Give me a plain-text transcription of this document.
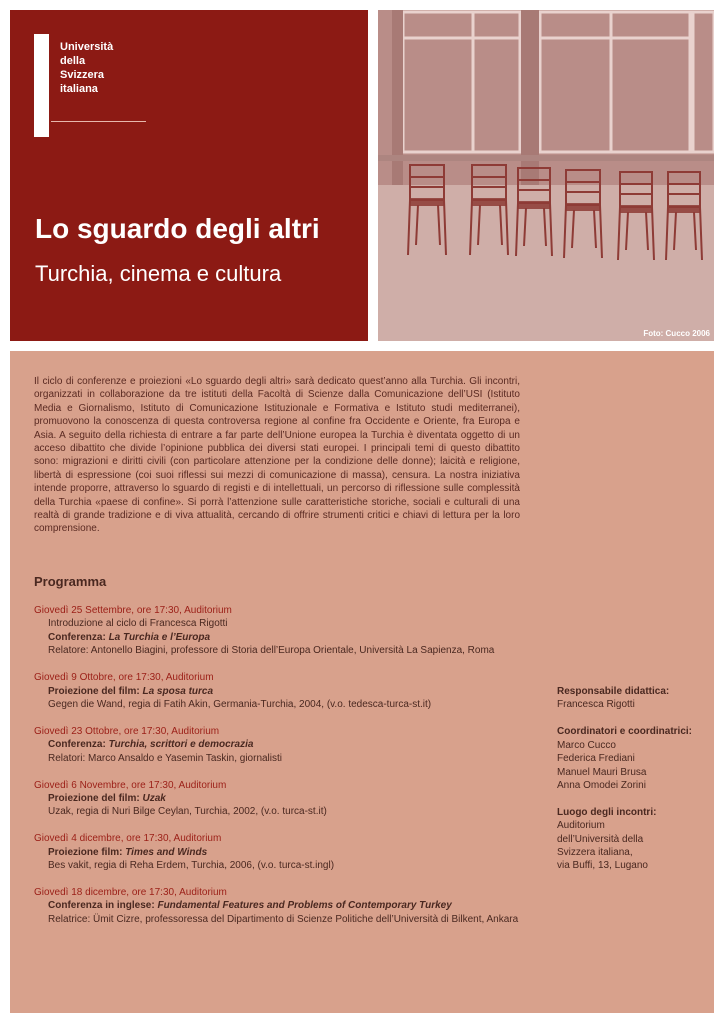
Università
della
Svizzera
italiana
Lo sguardo degli altri
Turchia, cinema e cultura
Foto: Cucco 2006

Il ciclo di conferenze e proiezioni «Lo sguardo degli altri» sarà dedicato quest’anno alla Turchia. Gli incontri, organizzati in collaborazione da tre istituti della Facoltà di Scienze dalla Comunicazione dell’USI (Istituto Media e Giornalismo, Istituto di Comunicazione Istituzionale e Formativa e Istituto studi mediterranei), promuovono la conoscenza di questa controversa regione al confine fra Occidente e Oriente, fra Europa e Asia. A seguito della richiesta di entrare a far parte dell’Unione europea la Turchia è diventata oggetto di un acceso dibattito che divide l’opinione pubblica dei diversi stati europei. I principali temi di questo dibattito sono: migrazioni e diritti civili (con particolare attenzione per la condizione delle donne); laicità e religione, libertà di espressione (coi suoi riflessi sui mezzi di comunicazione di massa), censura. La nostra iniziativa intende proporre, attraverso lo sguardo di registi e di intellettuali, un percorso di riflessione sulle complessità della Turchia «paese di confine». Si porrà l’attenzione sulle caratteristiche storiche, sociali e culturali di una realtà di grande tradizione e di viva attualità, cercando di offrire strumenti critici e chiavi di lettura per la loro comprensione.

Programma
Giovedì 25 Settembre, ore 17:30, Auditorium
Introduzione al ciclo di Francesca Rigotti
Conferenza: La Turchia e l’Europa
Relatore: Antonello Biagini, professore di Storia dell’Europa Orientale, Università La Sapienza, Roma
Giovedì 9 Ottobre, ore 17:30, Auditorium
Proiezione del film: La sposa turca
Gegen die Wand, regia di Fatih Akin, Germania-Turchia, 2004, (v.o. tedesca-turca-st.it)
Giovedì 23 Ottobre, ore 17:30, Auditorium
Conferenza: Turchia, scrittori e democrazia
Relatori: Marco Ansaldo e Yasemin Taskin, giornalisti
Giovedì 6 Novembre, ore 17:30, Auditorium
Proiezione del film: Uzak
Uzak, regia di Nuri Bilge Ceylan, Turchia, 2002, (v.o. turca-st.it)
Giovedì 4 dicembre, ore 17:30, Auditorium
Proiezione film: Times and Winds
Bes vakit, regia di Reha Erdem, Turchia, 2006, (v.o. turca-st.ingl)
Giovedì 18 dicembre, ore 17:30, Auditorium
Conferenza in inglese: Fundamental Features and Problems of Contemporary Turkey
Relatrice: Ümit Cizre, professoressa del Dipartimento di Scienze Politiche dell’Università di Bilkent, Ankara
Responsabile didattica:
Francesca Rigotti
Coordinatori e coordinatrici:
Marco Cucco
Federica Frediani
Manuel Mauri Brusa
Anna Omodei Zorini
Luogo degli incontri:
Auditorium
dell’Università della
Svizzera italiana,
via Buffi, 13, Lugano
